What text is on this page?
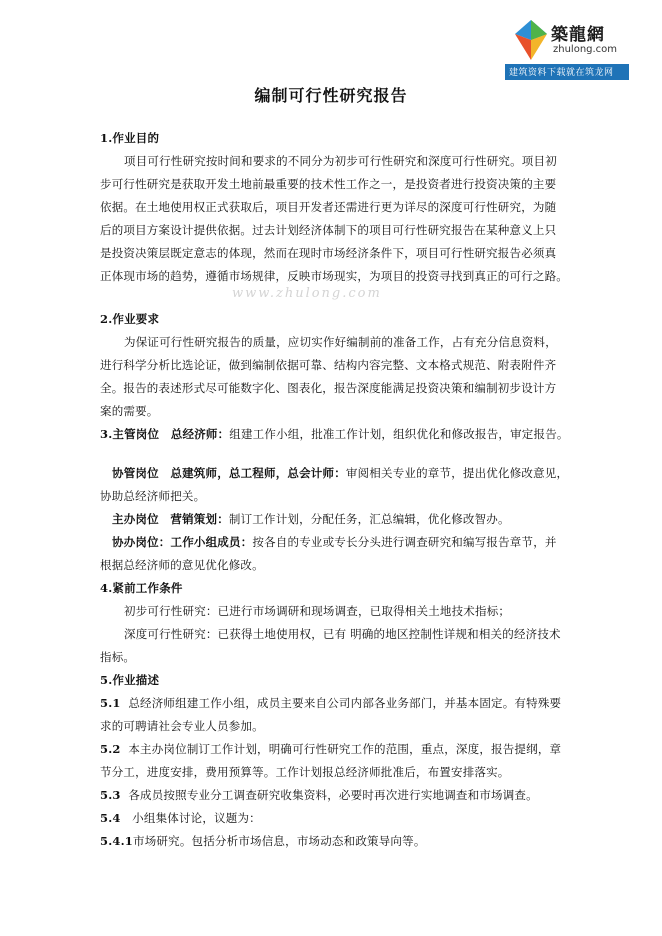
築龍網
zhulong.com
建筑资料下载就在筑龙网
编制可行性研究报告
1.作业目的
项目可行性研究按时间和要求的不同分为初步可行性研究和深度可行性研究。项目初
步可行性研究是获取开发土地前最重要的技术性工作之一，是投资者进行投资决策的主要
依据。在土地使用权正式获取后，项目开发者还需进行更为详尽的深度可行性研究，为随
后的项目方案设计提供依据。过去计划经济体制下的项目可行性研究报告在某种意义上只
是投资决策层既定意志的体现，然而在现时市场经济条件下，项目可行性研究报告必须真
正体现市场的趋势，遵循市场规律，反映市场现实，为项目的投资寻找到真正的可行之路。
www.zhulong.com
2.作业要求
为保证可行性研究报告的质量，应切实作好编制前的准备工作，占有充分信息资料，
进行科学分析比选论证，做到编制依据可靠、结构内容完整、文本格式规范、附表附件齐
全。报告的表述形式尽可能数字化、图表化，报告深度能满足投资决策和编制初步设计方
案的需要。
3.主管岗位 总经济师：组建工作小组，批准工作计划，组织优化和修改报告，审定报告。
协管岗位 总建筑师，总工程师，总会计师：审阅相关专业的章节，提出优化修改意见，
协助总经济师把关。
主办岗位 营销策划：制订工作计划，分配任务，汇总编辑，优化修改智办。
协办岗位：工作小组成员：按各自的专业或专长分头进行调查研究和编写报告章节，并
根据总经济师的意见优化修改。
4.紧前工作条件
初步可行性研究：已进行市场调研和现场调查，已取得相关土地技术指标；
深度可行性研究：已获得土地使用权，已有 明确的地区控制性详规和相关的经济技术
指标。
5.作业描述
5.1 总经济师组建工作小组，成员主要来自公司内部各业务部门，并基本固定。有特殊要
求的可聘请社会专业人员参加。
5.2 本主办岗位制订工作计划，明确可行性研究工作的范围，重点，深度，报告提纲，章
节分工，进度安排，费用预算等。工作计划报总经济师批准后，布置安排落实。
5.3 各成员按照专业分工调查研究收集资料，必要时再次进行实地调查和市场调查。
5.4 小组集体讨论，议题为：
5.4.1市场研究。包括分析市场信息，市场动态和政策导向等。
